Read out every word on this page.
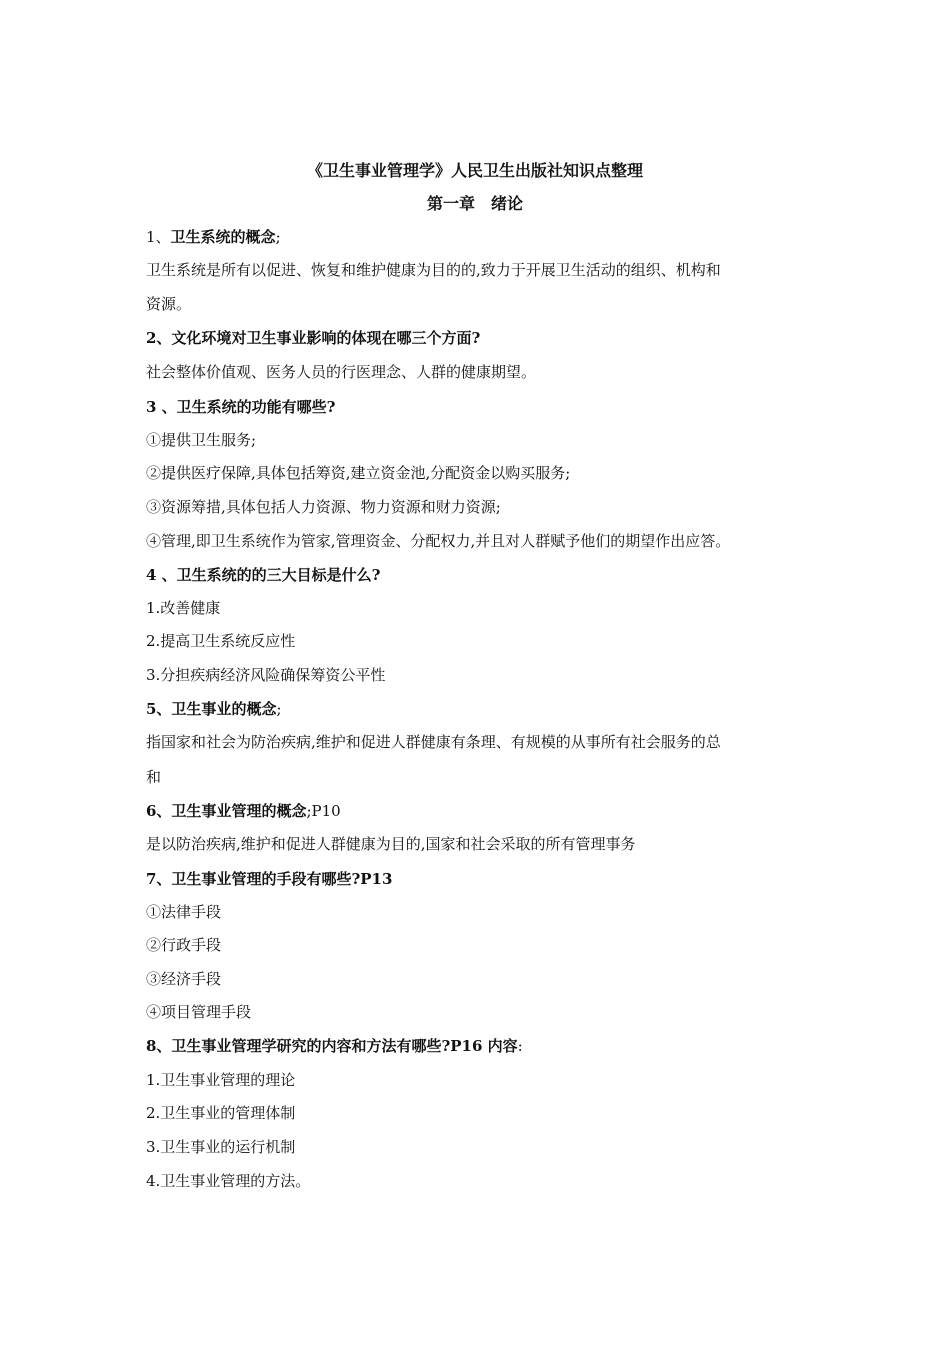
《卫生事业管理学》人民卫生出版社知识点整理
第一章　绪论
1、卫生系统的概念;
卫生系统是所有以促进、恢复和维护健康为目的的,致力于开展卫生活动的组织、机构和
资源。
2、文化环境对卫生事业影响的体现在哪三个方面?
社会整体价值观、医务人员的行医理念、人群的健康期望。
3 、卫生系统的功能有哪些?
①提供卫生服务;
②提供医疗保障,具体包括筹资,建立资金池,分配资金以购买服务;
③资源筹措,具体包括人力资源、物力资源和财力资源;
④管理,即卫生系统作为管家,管理资金、分配权力,并且对人群赋予他们的期望作出应答。
4 、卫生系统的的三大目标是什么?
1.改善健康
2.提高卫生系统反应性
3.分担疾病经济风险确保筹资公平性
5、卫生事业的概念;
指国家和社会为防治疾病,维护和促进人群健康有条理、有规模的从事所有社会服务的总
和
6、卫生事业管理的概念;P10
是以防治疾病,维护和促进人群健康为目的,国家和社会采取的所有管理事务
7、卫生事业管理的手段有哪些?P13
①法律手段
②行政手段
③经济手段
④项目管理手段
8、卫生事业管理学研究的内容和方法有哪些?P16 内容:
1.卫生事业管理的理论
2.卫生事业的管理体制
3.卫生事业的运行机制
4.卫生事业管理的方法。
